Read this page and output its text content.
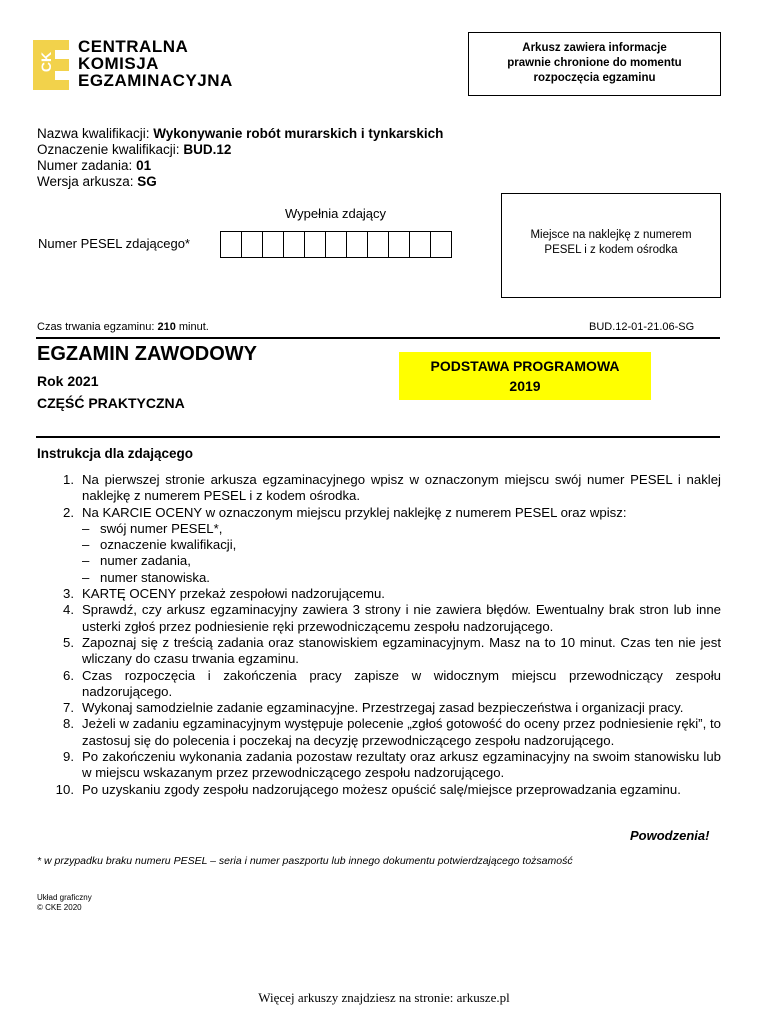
CK
CENTRALNA
KOMISJA
EGZAMINACYJNA
Arkusz zawiera informacje
prawnie chronione do momentu
rozpoczęcia egzaminu
Nazwa kwalifikacji: Wykonywanie robót murarskich i tynkarskich
Oznaczenie kwalifikacji: BUD.12
Numer zadania: 01
Wersja arkusza: SG
Wypełnia zdający
Numer PESEL zdającego*
Miejsce na naklejkę z numerem
PESEL i z kodem ośrodka
Czas trwania egzaminu: 210 minut.	BUD.12-01-21.06-SG
EGZAMIN ZAWODOWY
Rok 2021
CZĘŚĆ PRAKTYCZNA
PODSTAWA PROGRAMOWA
2019
Instrukcja dla zdającego
1. Na pierwszej stronie arkusza egzaminacyjnego wpisz w oznaczonym miejscu swój numer PESEL i naklej naklejkę z numerem PESEL i z kodem ośrodka.
2. Na KARCIE OCENY w oznaczonym miejscu przyklej naklejkę z numerem PESEL oraz wpisz:
– swój numer PESEL*,
– oznaczenie kwalifikacji,
– numer zadania,
– numer stanowiska.
3. KARTĘ OCENY przekaż zespołowi nadzorującemu.
4. Sprawdź, czy arkusz egzaminacyjny zawiera 3 strony i nie zawiera błędów. Ewentualny brak stron lub inne usterki zgłoś przez podniesienie ręki przewodniczącemu zespołu nadzorującego.
5. Zapoznaj się z treścią zadania oraz stanowiskiem egzaminacyjnym. Masz na to 10 minut. Czas ten nie jest wliczany do czasu trwania egzaminu.
6. Czas rozpoczęcia i zakończenia pracy zapisze w widocznym miejscu przewodniczący zespołu nadzorującego.
7. Wykonaj samodzielnie zadanie egzaminacyjne. Przestrzegaj zasad bezpieczeństwa i organizacji pracy.
8. Jeżeli w zadaniu egzaminacyjnym występuje polecenie „zgłoś gotowość do oceny przez podniesienie ręki”, to zastosuj się do polecenia i poczekaj na decyzję przewodniczącego zespołu nadzorującego.
9. Po zakończeniu wykonania zadania pozostaw rezultaty oraz arkusz egzaminacyjny na swoim stanowisku lub w miejscu wskazanym przez przewodniczącego zespołu nadzorującego.
10. Po uzyskaniu zgody zespołu nadzorującego możesz opuścić salę/miejsce przeprowadzania egzaminu.
Powodzenia!
* w przypadku braku numeru PESEL – seria i numer paszportu lub innego dokumentu potwierdzającego tożsamość
Układ graficzny
© CKE 2020
Więcej arkuszy znajdziesz na stronie: arkusze.pl
